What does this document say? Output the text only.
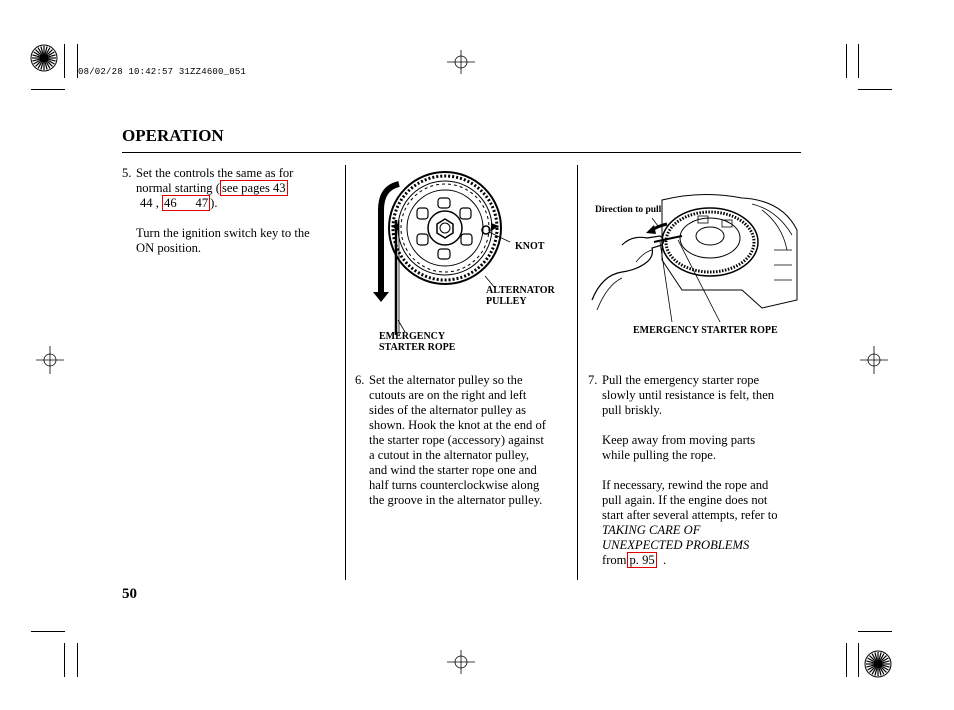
08/02/28 10:42:57 31ZZ4600_051
OPERATION
5. Set the controls the same as for
normal starting ( see pages 43
44 , 46 47 ).

Turn the ignition switch key to the

ON position.	KNOT
ALTERNATOR
PULLEY
EMERGENCY
STARTER ROPE
6. Set the alternator pulley so the

cutouts are on the right and left

sides of the alternator pulley as

shown. Hook the knot at the end of

the starter rope (accessory) against

a cutout in the alternator pulley,

and wind the starter rope one and

half turns counterclockwise along

the groove in the alternator pulley.

Direction to pull
EMERGENCY STARTER ROPE
7. Pull the emergency starter rope

slowly until resistance is felt, then

pull briskly.

Keep away from moving parts

while pulling the rope.

If necessary, rewind the rope and

pull again. If the engine does not

start after several attempts, refer to

TAKING CARE OF

UNEXPECTED PROBLEMS

from p. 95 .

50
